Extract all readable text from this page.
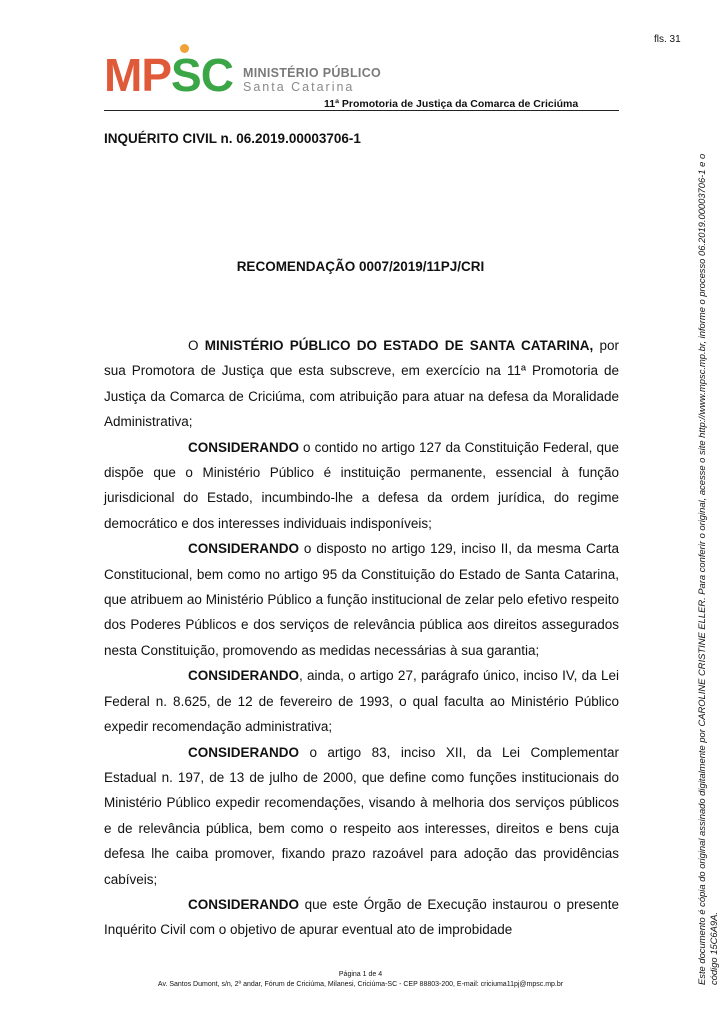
fls. 31
MPSC MINISTÉRIO PÚBLICO
Santa Catarina
11ª Promotoria de Justiça da Comarca de Criciúma
INQUÉRITO CIVIL n. 06.2019.00003706-1
RECOMENDAÇÃO 0007/2019/11PJ/CRI

O MINISTÉRIO PÚBLICO DO ESTADO DE SANTA CATARINA, por sua Promotora de Justiça que esta subscreve, em exercício na 11ª Promotoria de Justiça da Comarca de Criciúma, com atribuição para atuar na defesa da Moralidade Administrativa;

CONSIDERANDO o contido no artigo 127 da Constituição Federal, que dispõe que o Ministério Público é instituição permanente, essencial à função jurisdicional do Estado, incumbindo-lhe a defesa da ordem jurídica, do regime democrático e dos interesses individuais indisponíveis;

CONSIDERANDO o disposto no artigo 129, inciso II, da mesma Carta Constitucional, bem como no artigo 95 da Constituição do Estado de Santa Catarina, que atribuem ao Ministério Público a função institucional de zelar pelo efetivo respeito dos Poderes Públicos e dos serviços de relevância pública aos direitos assegurados nesta Constituição, promovendo as medidas necessárias à sua garantia;

CONSIDERANDO, ainda, o artigo 27, parágrafo único, inciso IV, da Lei Federal n. 8.625, de 12 de fevereiro de 1993, o qual faculta ao Ministério Público expedir recomendação administrativa;

CONSIDERANDO o artigo 83, inciso XII, da Lei Complementar Estadual n. 197, de 13 de julho de 2000, que define como funções institucionais do Ministério Público expedir recomendações, visando à melhoria dos serviços públicos e de relevância pública, bem como o respeito aos interesses, direitos e bens cuja defesa lhe caiba promover, fixando prazo razoável para adoção das providências cabíveis;

CONSIDERANDO que este Órgão de Execução instaurou o presente Inquérito Civil com o objetivo de apurar eventual ato de improbidade

Página 1 de 4
Av. Santos Dumont, s/n, 2º andar, Fórum de Criciúma, Milanesi, Criciúma-SC - CEP 88803-200, E-mail: criciuma11pj@mpsc.mp.br	Este documento é cópia do original assinado digitalmente por CAROLINE CRISTINE ELLER. Para conferir o original, acesse o site http://www.mpsc.mp.br, informe o processo 06.2019.00003706-1 e o código 15C6A9A.
